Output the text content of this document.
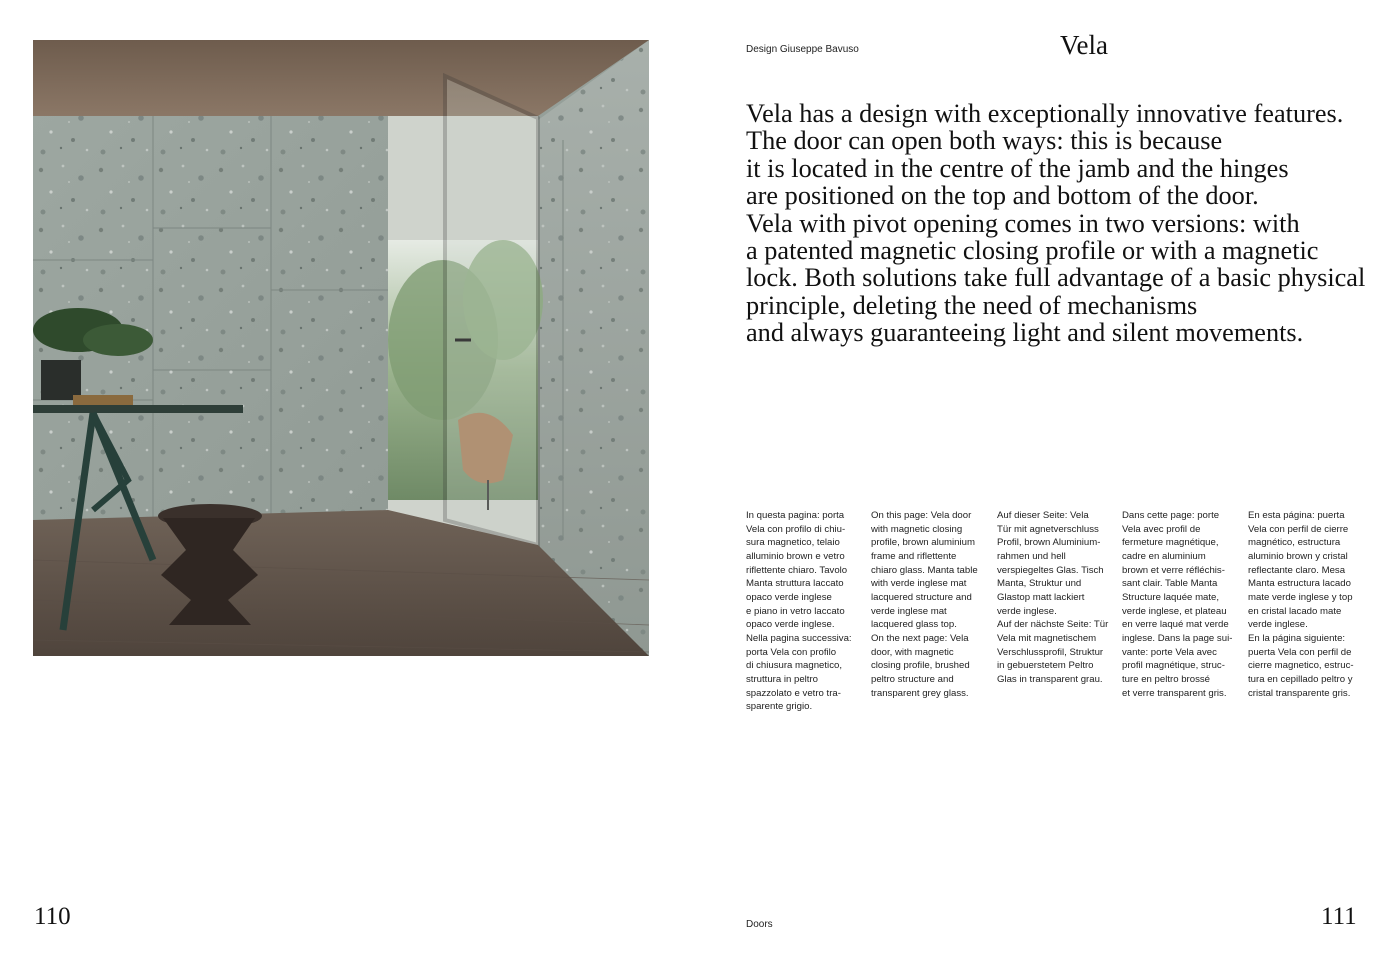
110
Design Giuseppe Bavuso	Vela
Vela has a design with exceptionally innovative features.
The door can open both ways: this is because
it is located in the centre of the jamb and the hinges
are positioned on the top and bottom of the door.
Vela with pivot opening comes in two versions: with
a patented magnetic closing profile or with a magnetic
lock. Both solutions take full advantage of a basic physical
principle, deleting the need of mechanisms
and always guaranteeing light and silent movements.
In questa pagina: porta
Vela con profilo di chiu-
sura magnetico, telaio
alluminio brown e vetro
riflettente chiaro. Tavolo
Manta struttura laccato
opaco verde inglese
e piano in vetro laccato
opaco verde inglese.
Nella pagina successiva:
porta Vela con profilo
di chiusura magnetico,
struttura in peltro
spazzolato e vetro tra-
sparente grigio.
On this page: Vela door
with magnetic closing
profile, brown aluminium
frame and riflettente
chiaro glass. Manta table
with verde inglese mat
lacquered structure and
verde inglese mat
lacquered glass top.
On the next page: Vela
door, with magnetic
closing profile, brushed
peltro structure and
transparent grey glass.
Auf dieser Seite: Vela
Tür mit agnetverschluss
Profil, brown Aluminium-
rahmen und hell
verspiegeltes Glas. Tisch
Manta, Struktur und
Glastop matt lackiert
verde inglese.
Auf der nächste Seite: Tür
Vela mit magnetischem
Verschlussprofil, Struktur
in gebuerstetem Peltro
Glas in transparent grau.
Dans cette page: porte
Vela avec profil de
fermeture magnétique,
cadre en aluminium
brown et verre réfléchis-
sant clair. Table Manta
Structure laquée mate,
verde inglese, et plateau
en verre laqué mat verde
inglese. Dans la page sui-
vante: porte Vela avec
profil magnétique, struc-
ture en peltro brossé
et verre transparent gris.
En esta página: puerta
Vela con perfil de cierre
magnético, estructura
aluminio brown y cristal
reflectante claro. Mesa
Manta estructura lacado
mate verde inglese y top
en cristal lacado mate
verde inglese.
En la página siguiente:
puerta Vela con perfil de
cierre magnetico, estruc-
tura en cepillado peltro y
cristal transparente gris.
Doors	111
